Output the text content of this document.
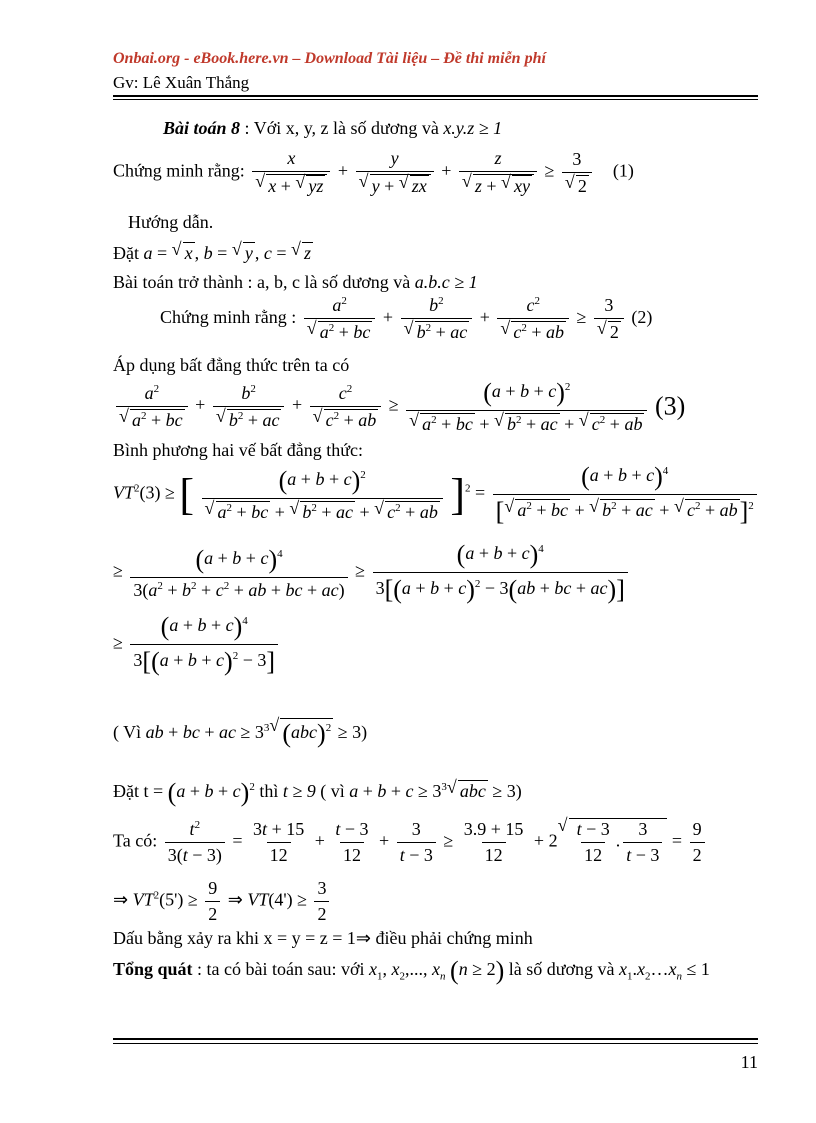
Onbai.org - eBook.here.vn – Download Tài liệu – Đề thi miễn phí
Gv: Lê Xuân Thắng
Bài toán 8 : Với x, y, z là số dương và x.y.z ≥ 1
Chứng minh rằng: x
√ x + √ yz + y
√ y + √ zx + z
√ z + √ xy ≥ 3
√ 2 (1)
Hướng dẫn.
Đặt a = √ x , b = √ y , c = √ z
Bài toán trở thành : a, b, c là số dương và a.b.c ≥ 1
Chứng minh rằng : $a^2$
√ $a^2$ + bc + $b^2$
√ $b^2$ + ac + $c^2$
√ $c^2$ + ab ≥ 3
√ 2 (2)
Áp dụng bất đẳng thức trên ta có
$a^2$
√ $a^2$ + bc + $b^2$
√ $b^2$ + ac + $c^2$
√ $c^2$ + ab ≥ $(a + b + c)^2$
√ $a^2$ + bc + √ $b^2$ + ac + √ $c^2$ + ab (3)
Bình phương hai vế bất đẳng thức:
$VT^2(3)$ ≥ [ $(a + b + c)^2$
√ $a^2$ + bc + √ $b^2$ + ac + √ $c^2$ + ab ]$^2 = \frac{(a + b + c)^4}{[√ a^2 + bc + √ b^2 + ac + √ c^2 + ab]^2}$
≥ $\frac{(a + b + c)^4}{3(a^2 + b^2 + c^2 + ab + bc + ac)} \ge \frac{(a + b + c)^4}{3[(a + b + c)^2 - 3(ab + bc + ac)]}$
≥ $\frac{(a + b + c)^4}{3[(a + b + c)^2 - 3]}$
( Vì ab + bc + ac ≥ $3^3√$ (abc)$^2$ ≥ 3)
Đặt $t = (a + b + c)^2$ thì t ≥ 9 ( vì $a + b + c \ge 3^3√$ abc ≥ 3)
Ta có: $\frac{t^2}{3(t - 3)} = \frac{3t + 15}{12} + \frac{t - 3}{12} + \frac{3}{t - 3} \ge \frac{3.9 + 15}{12} + 2$
√ $\frac{t - 3}{12}$ . $\frac{3}{t - 3} = \frac{9}{2}$
⇒ $VT^2(5') \ge \frac{9}{2}$ ⇒ $VT(4') \ge \frac{3}{2}$
Dấu bằng xảy ra khi x = y = z = 1⇒ điều phải chứng minh
Tổng quát : ta có bài toán sau: với $x_1$, $x_2$,..., $x_n$ (n ≥ 2) là số dương và $x_1.x_2\dots x_n \le 1$
11
